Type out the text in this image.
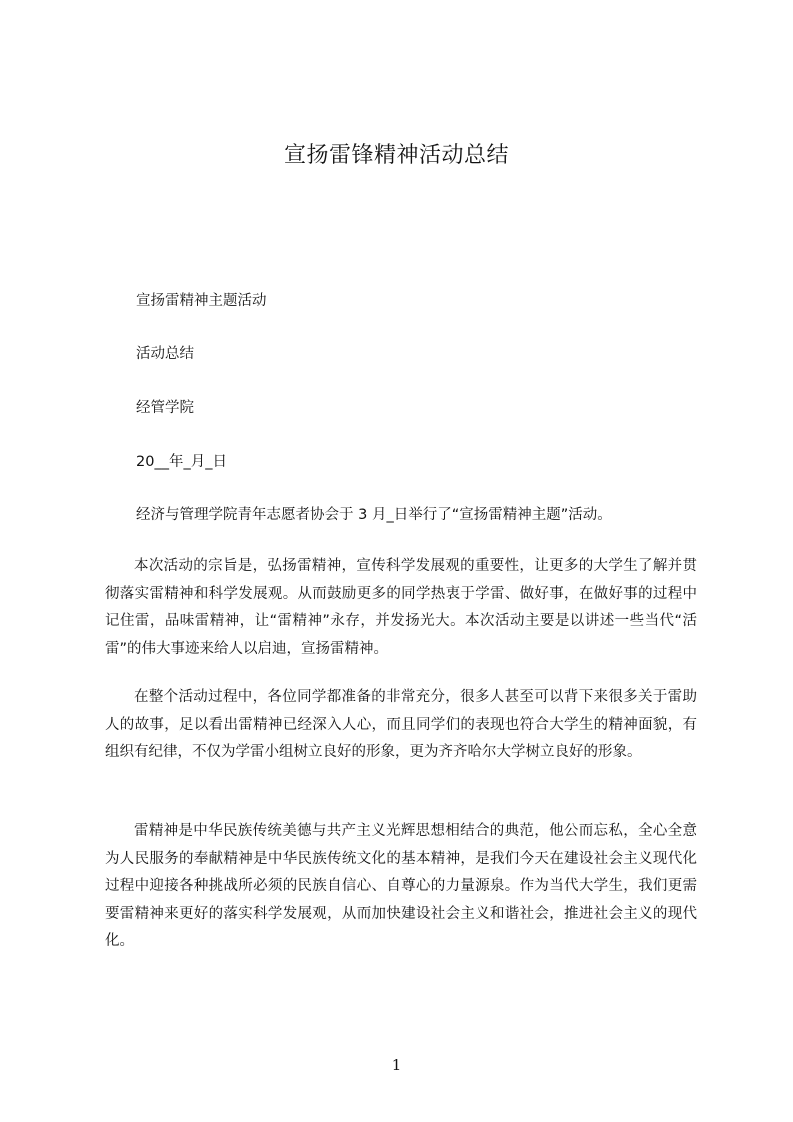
宣扬雷锋精神活动总结
宣扬雷精神主题活动
活动总结
经管学院
20__年_月_日
经济与管理学院青年志愿者协会于 3 月_日举行了“宣扬雷精神主题”活动。
本次活动的宗旨是，弘扬雷精神，宣传科学发展观的重要性，让更多的大学生了解并贯彻落实雷精神和科学发展观。从而鼓励更多的同学热衷于学雷、做好事，在做好事的过程中记住雷，品味雷精神，让“雷精神”永存，并发扬光大。本次活动主要是以讲述一些当代“活雷”的伟大事迹来给人以启迪，宣扬雷精神。
在整个活动过程中，各位同学都准备的非常充分，很多人甚至可以背下来很多关于雷助人的故事，足以看出雷精神已经深入人心，而且同学们的表现也符合大学生的精神面貌，有组织有纪律，不仅为学雷小组树立良好的形象，更为齐齐哈尔大学树立良好的形象。
雷精神是中华民族传统美德与共产主义光辉思想相结合的典范，他公而忘私，全心全意为人民服务的奉献精神是中华民族传统文化的基本精神，是我们今天在建设社会主义现代化过程中迎接各种挑战所必须的民族自信心、自尊心的力量源泉。作为当代大学生，我们更需要雷精神来更好的落实科学发展观，从而加快建设社会主义和谐社会，推进社会主义的现代化。
1
